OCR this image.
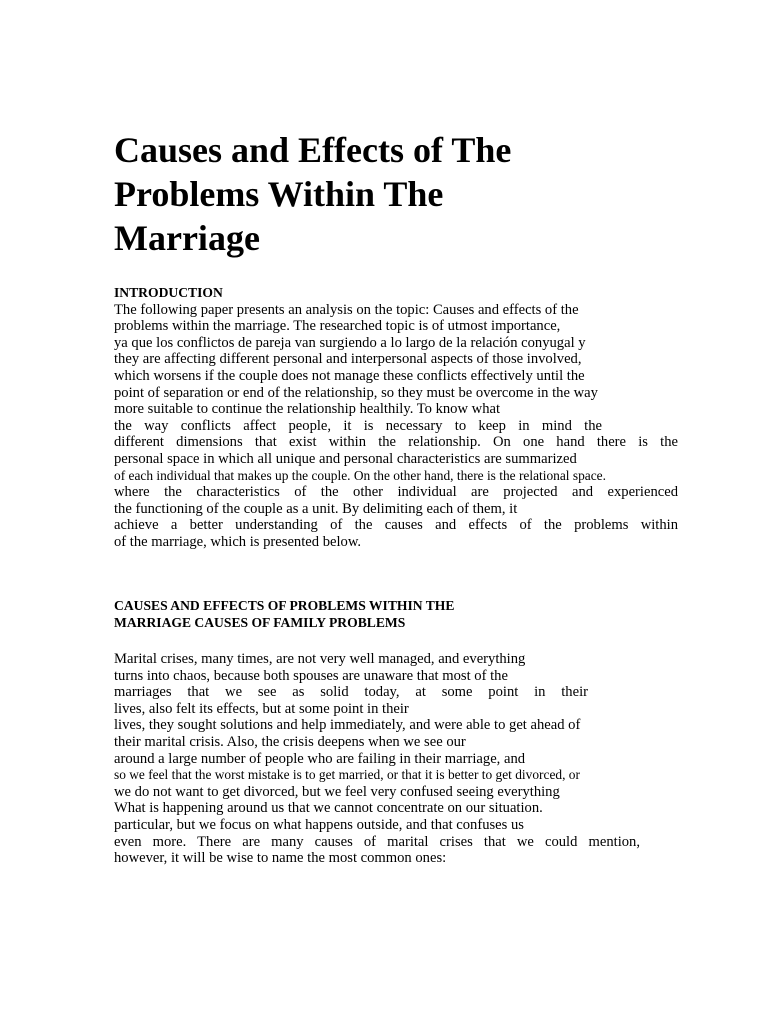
Causes and Effects of The
Problems Within The
Marriage
INTRODUCTION
The following paper presents an analysis on the topic: Causes and effects of the
problems within the marriage. The researched topic is of utmost importance,
ya que los conflictos de pareja van surgiendo a lo largo de la relación conyugal y
they are affecting different personal and interpersonal aspects of those involved,
which worsens if the couple does not manage these conflicts effectively until the
point of separation or end of the relationship, so they must be overcome in the way
more suitable to continue the relationship healthily. To know what
the way conflicts affect people, it is necessary to keep in mind the
different dimensions that exist within the relationship. On one hand there is the
personal space in which all unique and personal characteristics are summarized
of each individual that makes up the couple. On the other hand, there is the relational space.
where the characteristics of the other individual are projected and experienced
the functioning of the couple as a unit. By delimiting each of them, it
achieve a better understanding of the causes and effects of the problems within
of the marriage, which is presented below.
CAUSES AND EFFECTS OF PROBLEMS WITHIN THE
MARRIAGE CAUSES OF FAMILY PROBLEMS
Marital crises, many times, are not very well managed, and everything
turns into chaos, because both spouses are unaware that most of the
marriages that we see as solid today, at some point in their
lives, also felt its effects, but at some point in their
lives, they sought solutions and help immediately, and were able to get ahead of
their marital crisis. Also, the crisis deepens when we see our
around a large number of people who are failing in their marriage, and
so we feel that the worst mistake is to get married, or that it is better to get divorced, or
we do not want to get divorced, but we feel very confused seeing everything
What is happening around us that we cannot concentrate on our situation.
particular, but we focus on what happens outside, and that confuses us
even more. There are many causes of marital crises that we could mention,
however, it will be wise to name the most common ones:
